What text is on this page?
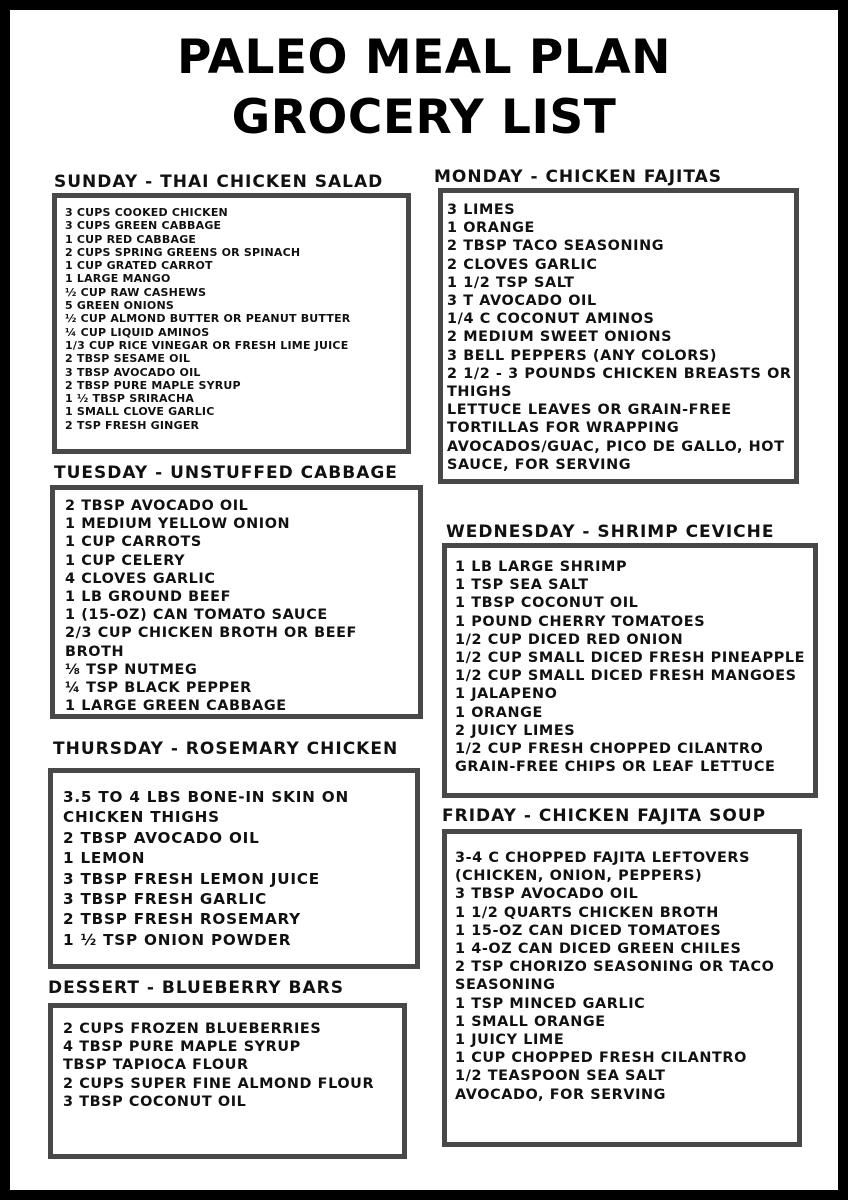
PALEO MEAL PLAN
GROCERY LIST
SUNDAY - THAI CHICKEN SALAD
3 CUPS COOKED CHICKEN
3 CUPS GREEN CABBAGE
1 CUP RED CABBAGE
2 CUPS SPRING GREENS OR SPINACH
1 CUP GRATED CARROT
1 LARGE MANGO
½ CUP RAW CASHEWS
5 GREEN ONIONS
½ CUP ALMOND BUTTER OR PEANUT BUTTER
¼ CUP LIQUID AMINOS
1/3 CUP RICE VINEGAR OR FRESH LIME JUICE
2 TBSP SESAME OIL
3 TBSP AVOCADO OIL
2 TBSP PURE MAPLE SYRUP
1 ½ TBSP SRIRACHA
1 SMALL CLOVE GARLIC
2 TSP FRESH GINGER
MONDAY - CHICKEN FAJITAS
3 LIMES
1 ORANGE
2 TBSP TACO SEASONING
2 CLOVES GARLIC
1 1/2 TSP SALT
3 T AVOCADO OIL
1/4 C COCONUT AMINOS
2 MEDIUM SWEET ONIONS
3 BELL PEPPERS (ANY COLORS)
2 1/2 - 3 POUNDS CHICKEN BREASTS OR THIGHS
LETTUCE LEAVES OR GRAIN-FREE TORTILLAS FOR WRAPPING
AVOCADOS/GUAC, PICO DE GALLO, HOT SAUCE, FOR SERVING
TUESDAY - UNSTUFFED CABBAGE
2 TBSP AVOCADO OIL
1 MEDIUM YELLOW ONION
1 CUP CARROTS
1 CUP CELERY
4 CLOVES GARLIC
1 LB GROUND BEEF
1 (15-OZ) CAN TOMATO SAUCE
2/3 CUP CHICKEN BROTH OR BEEF BROTH
⅛ TSP NUTMEG
¼ TSP BLACK PEPPER
1 LARGE GREEN CABBAGE
WEDNESDAY - SHRIMP CEVICHE
1 LB LARGE SHRIMP
1 TSP SEA SALT
1 TBSP COCONUT OIL
1 POUND CHERRY TOMATOES
1/2 CUP DICED RED ONION
1/2 CUP SMALL DICED FRESH PINEAPPLE
1/2 CUP SMALL DICED FRESH MANGOES
1 JALAPENO
1 ORANGE
2 JUICY LIMES
1/2 CUP FRESH CHOPPED CILANTRO
GRAIN-FREE CHIPS OR LEAF LETTUCE
THURSDAY - ROSEMARY CHICKEN
3.5 TO 4 LBS BONE-IN SKIN ON CHICKEN THIGHS
2 TBSP AVOCADO OIL
1 LEMON
3 TBSP FRESH LEMON JUICE
3 TBSP FRESH GARLIC
2 TBSP FRESH ROSEMARY
1 ½ TSP ONION POWDER
FRIDAY - CHICKEN FAJITA SOUP
3-4 C CHOPPED FAJITA LEFTOVERS (CHICKEN, ONION, PEPPERS)
3 TBSP AVOCADO OIL
1 1/2 QUARTS CHICKEN BROTH
1 15-OZ CAN DICED TOMATOES
1 4-OZ CAN DICED GREEN CHILES
2 TSP CHORIZO SEASONING OR TACO SEASONING
1 TSP MINCED GARLIC
1 SMALL ORANGE
1 JUICY LIME
1 CUP CHOPPED FRESH CILANTRO
1/2 TEASPOON SEA SALT
AVOCADO, FOR SERVING
DESSERT - BLUEBERRY BARS
2 CUPS FROZEN BLUEBERRIES
4 TBSP PURE MAPLE SYRUP
TBSP TAPIOCA FLOUR
2 CUPS SUPER FINE ALMOND FLOUR
3 TBSP COCONUT OIL
